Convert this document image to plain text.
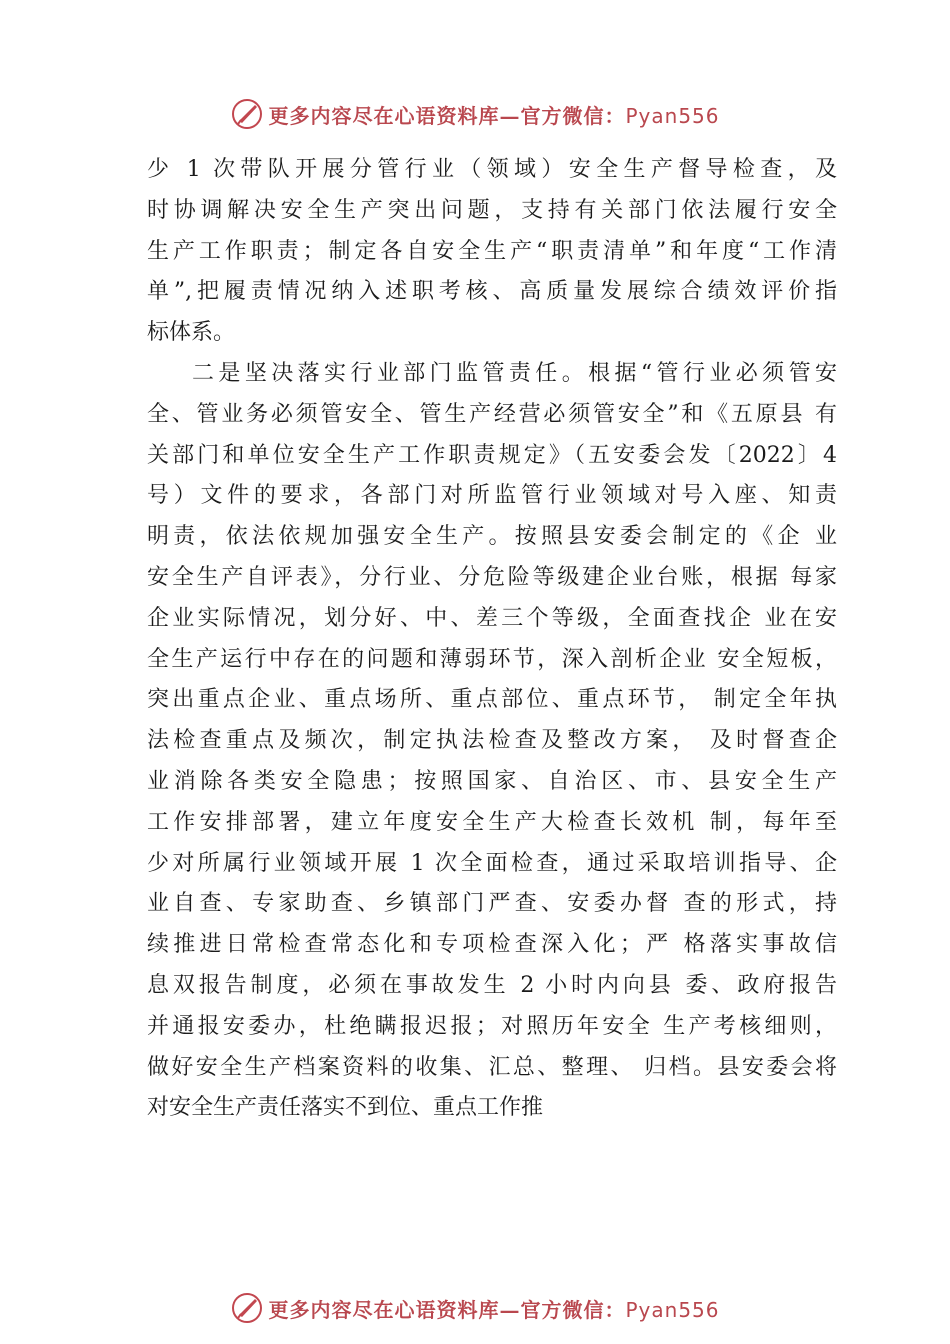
更多内容尽在心语资料库—官方微信：Pyan556
少 1 次带队开展分管行业（领域）安全生产督导检查，及
时协调解决安全生产突出问题，支持有关部门依法履行安全
生产工作职责；制定各自安全生产“职责清单”和年度“工作清
单”,把履责情况纳入述职考核、高质量发展综合绩效评价指
标体系。
二是坚决落实行业部门监管责任。根据“管行业必须管安
全、管业务必须管安全、管生产经营必须管安全”和《五原县 有
关部门和单位安全生产工作职责规定》（五安委会发〔2022〕4
号）文件的要求，各部门对所监管行业领域对号入座、知责
明责，依法依规加强安全生产。按照县安委会制定的《企 业
安全生产自评表》，分行业、分危险等级建企业台账，根据 每家
企业实际情况，划分好、中、差三个等级，全面查找企 业在安
全生产运行中存在的问题和薄弱环节，深入剖析企业 安全短板，
突出重点企业、重点场所、重点部位、重点环节， 制定全年执
法检查重点及频次，制定执法检查及整改方案， 及时督查企
业消除各类安全隐患；按照国家、自治区、市、县安全生产
工作安排部署，建立年度安全生产大检查长效机 制，每年至
少对所属行业领域开展 1 次全面检查，通过采取培训指导、企
业自查、专家助查、乡镇部门严查、安委办督 查的形式，持
续推进日常检查常态化和专项检查深入化；严 格落实事故信
息双报告制度，必须在事故发生 2 小时内向县 委、政府报告
并通报安委办，杜绝瞒报迟报；对照历年安全 生产考核细则，
做好安全生产档案资料的收集、汇总、整理、 归档。县安委会将
对安全生产责任落实不到位、重点工作推
更多内容尽在心语资料库—官方微信：Pyan556
